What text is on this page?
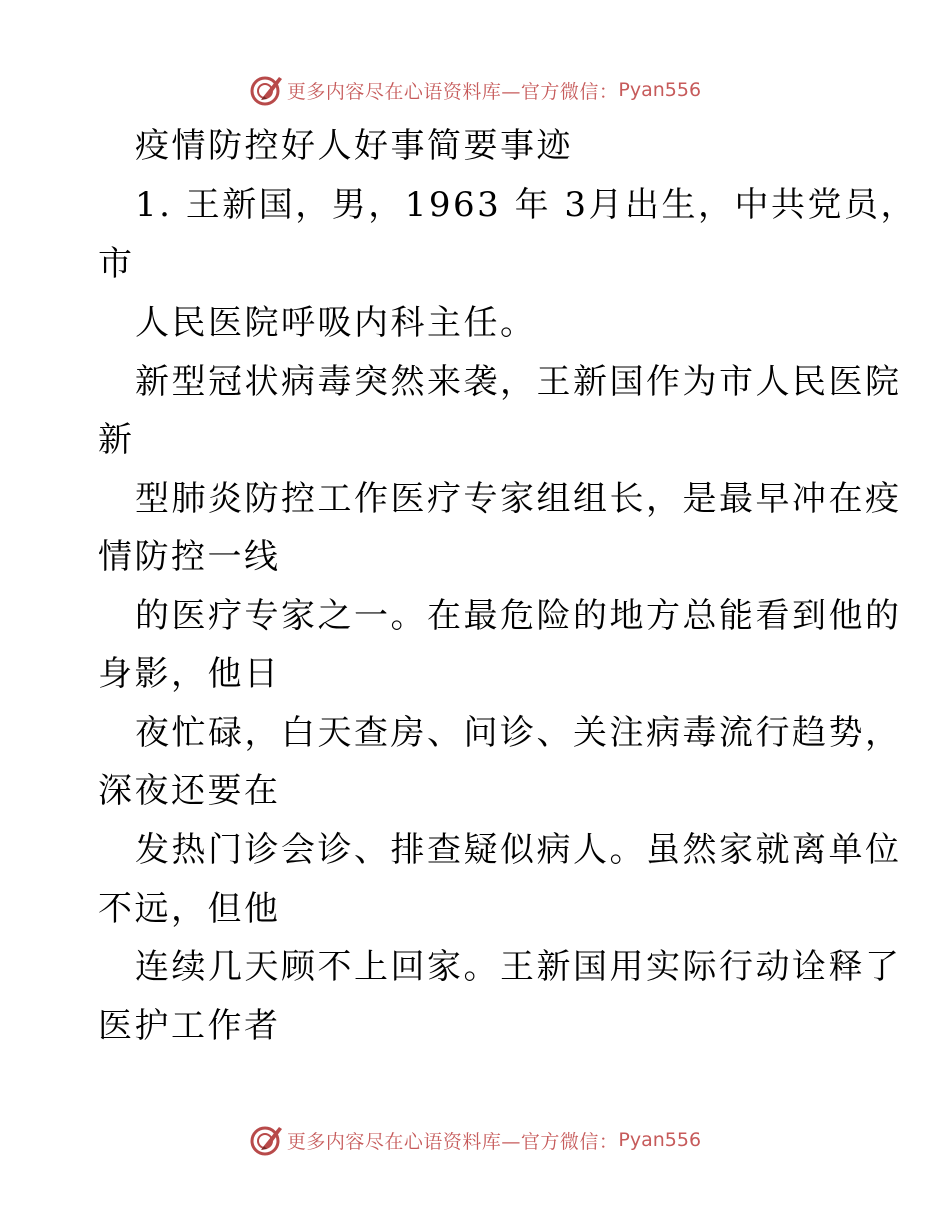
更多内容尽在心语资料库—官方微信： Pyan556
疫情防控好人好事简要事迹
1. 王新国，男，1963 年 3月出生，中共党员，
市
人民医院呼吸内科主任。
新型冠状病毒突然来袭，王新国作为市人民医院
新
型肺炎防控工作医疗专家组组长，是最早冲在疫
情防控一线
的医疗专家之一。在最危险的地方总能看到他的
身影，他日
夜忙碌，白天查房、问诊、关注病毒流行趋势，
深夜还要在
发热门诊会诊、排查疑似病人。虽然家就离单位
不远，但他
连续几天顾不上回家。王新国用实际行动诠释了
医护工作者
更多内容尽在心语资料库—官方微信： Pyan556
